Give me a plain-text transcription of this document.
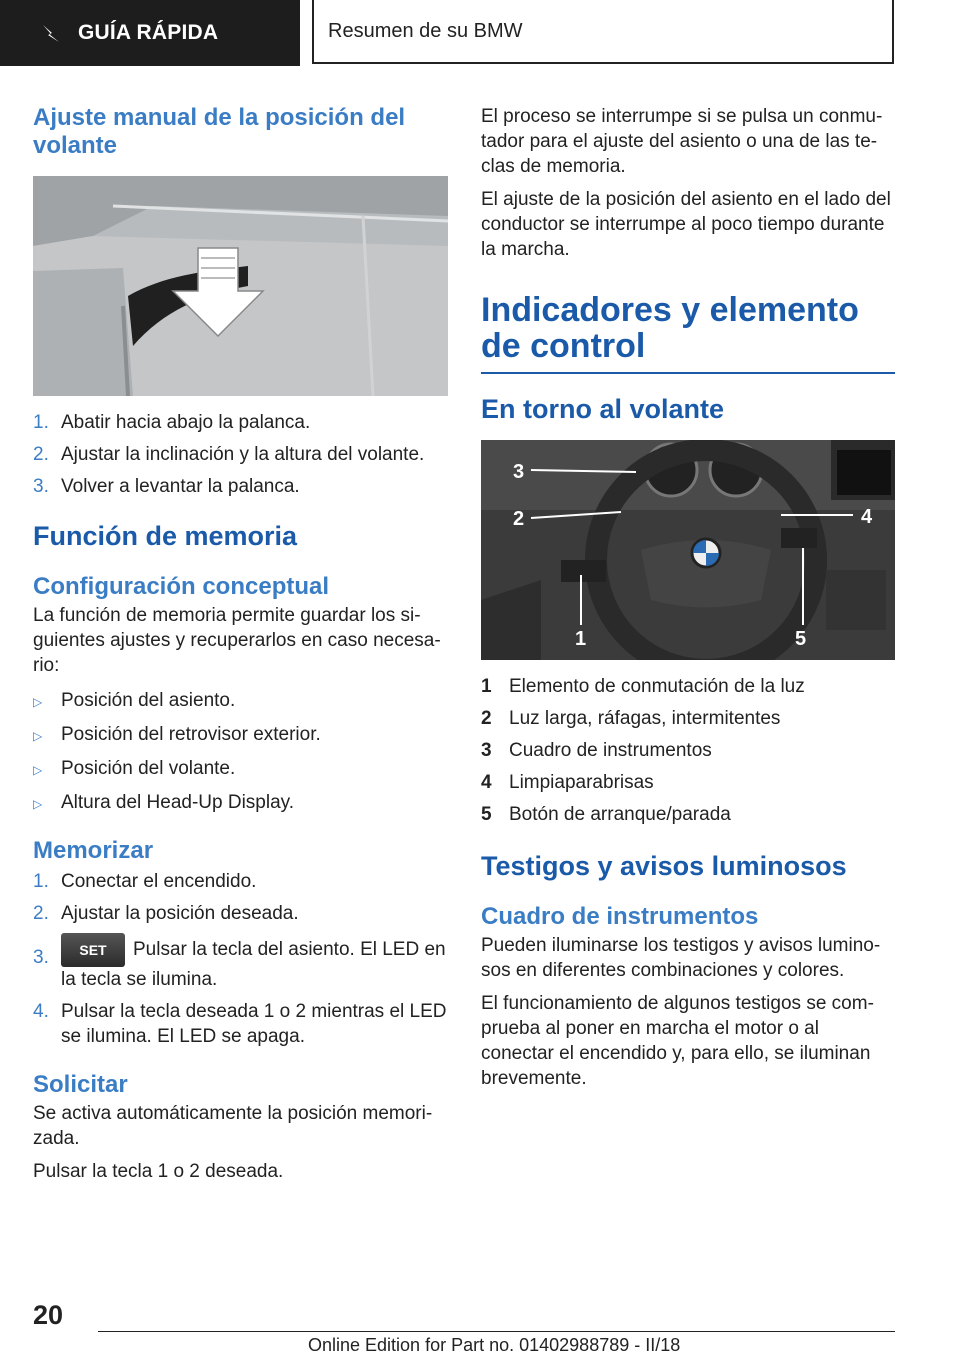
GUÍA RÁPIDA	Resumen de su BMW
Ajuste manual de la posición del volante
1. Abatir hacia abajo la palanca.
2. Ajustar la inclinación y la altura del volante.
3. Volver a levantar la palanca.
Función de memoria
Configuración conceptual

La función de memoria permite guardar los siguientes ajustes y recuperarlos en caso necesario:

▷ Posición del asiento.
▷ Posición del retrovisor exterior.
▷ Posición del volante.
▷ Altura del Head-Up Display.
Memorizar
1. Conectar el encendido.
2. Ajustar la posición deseada.
3.	SET Pulsar la tecla del asiento. El LED en la tecla se ilumina.
4. Pulsar la tecla deseada 1 o 2 mientras el LED se ilumina. El LED se apaga.
Solicitar

Se activa automáticamente la posición memorizada.

Pulsar la tecla 1 o 2 deseada.

El proceso se interrumpe si se pulsa un conmutador para el ajuste del asiento o una de las teclas de memoria.

El ajuste de la posición del asiento en el lado del conductor se interrumpe al poco tiempo durante la marcha.

Indicadores y elemento de control
En torno al volante
3
2	4
1	5
1 Elemento de conmutación de la luz
2 Luz larga, ráfagas, intermitentes
3 Cuadro de instrumentos
4 Limpiaparabrisas
5 Botón de arranque/parada
Testigos y avisos luminosos
Cuadro de instrumentos

Pueden iluminarse los testigos y avisos luminosos en diferentes combinaciones y colores.

El funcionamiento de algunos testigos se comprueba al poner en marcha el motor o al conectar el encendido y, para ello, se iluminan brevemente.

20
Online Edition for Part no. 01402988789 - II/18
